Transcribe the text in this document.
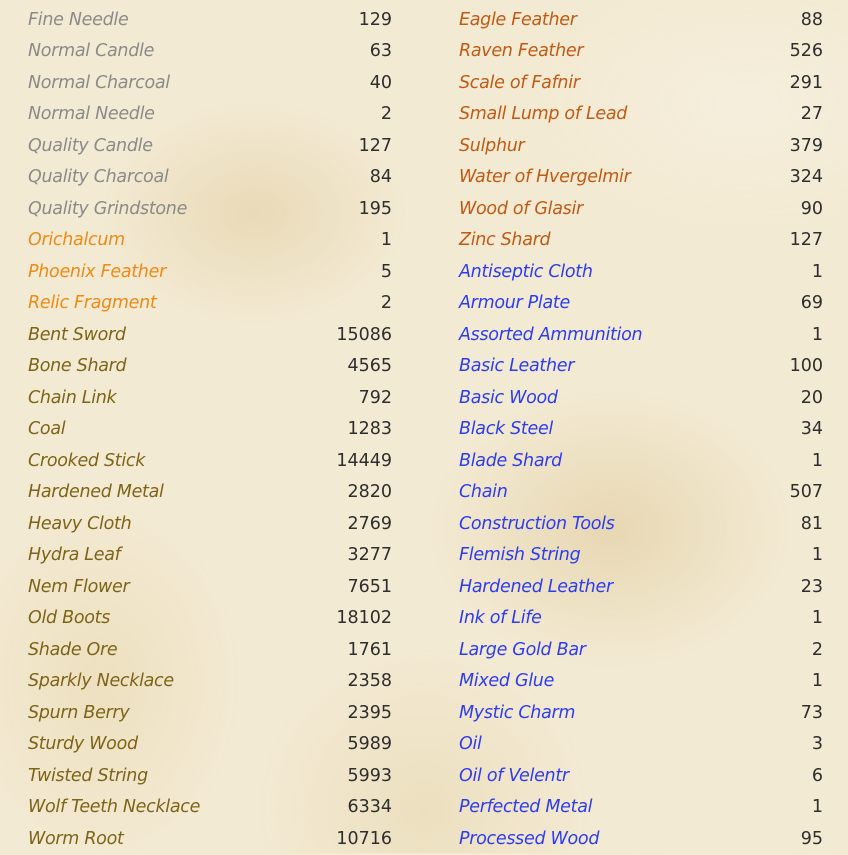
Fine Needle	129
Normal Candle	63
Normal Charcoal	40
Normal Needle	2
Quality Candle	127
Quality Charcoal	84
Quality Grindstone	195
Orichalcum	1
Phoenix Feather	5
Relic Fragment	2
Bent Sword	15086
Bone Shard	4565
Chain Link	792
Coal	1283
Crooked Stick	14449
Hardened Metal	2820
Heavy Cloth	2769
Hydra Leaf	3277
Nem Flower	7651
Old Boots	18102
Shade Ore	1761
Sparkly Necklace	2358
Spurn Berry	2395
Sturdy Wood	5989
Twisted String	5993
Wolf Teeth Necklace	6334
Worm Root	10716
Eagle Feather	88
Raven Feather	526
Scale of Fafnir	291
Small Lump of Lead	27
Sulphur	379
Water of Hvergelmir	324
Wood of Glasir	90
Zinc Shard	127
Antiseptic Cloth	1
Armour Plate	69
Assorted Ammunition	1
Basic Leather	100
Basic Wood	20
Black Steel	34
Blade Shard	1
Chain	507
Construction Tools	81
Flemish String	1
Hardened Leather	23
Ink of Life	1
Large Gold Bar	2
Mixed Glue	1
Mystic Charm	73
Oil	3
Oil of Velentr	6
Perfected Metal	1
Processed Wood	95
